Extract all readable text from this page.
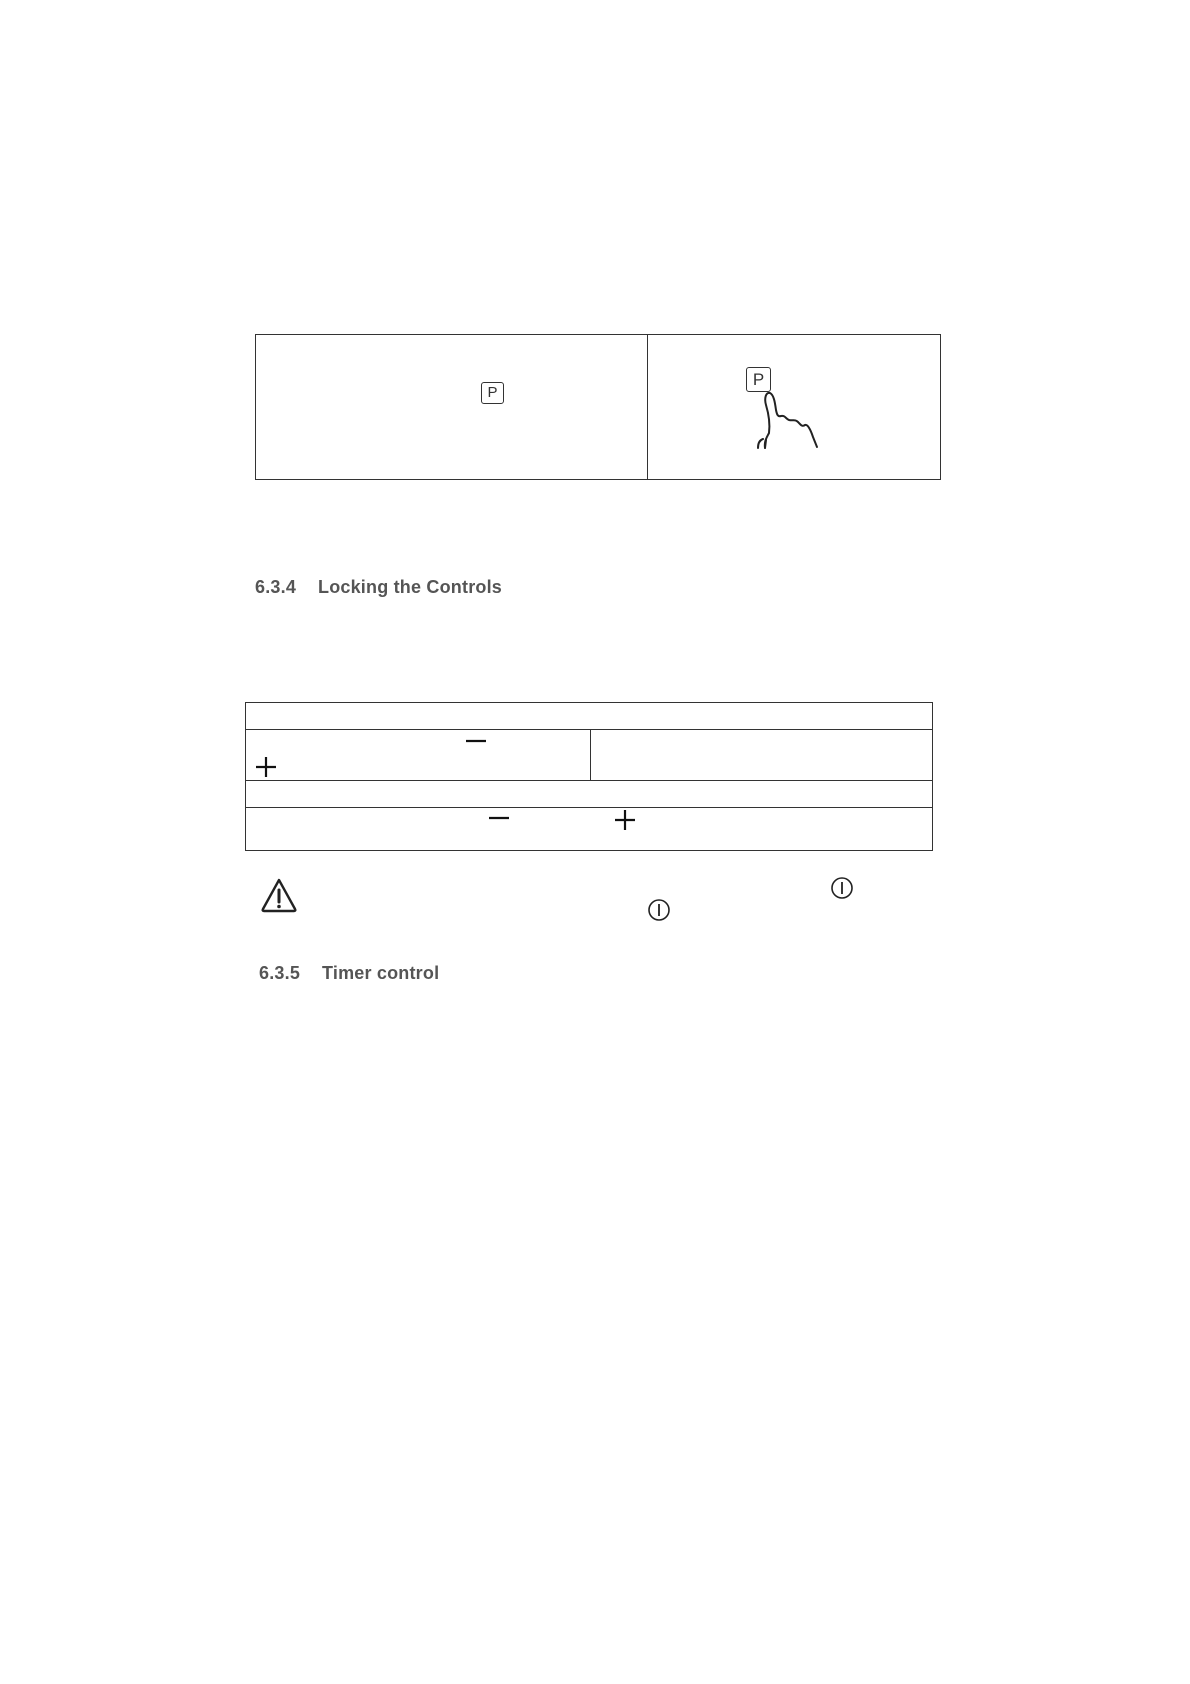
P
P
6.3.4 Locking the Controls
6.3.5 Timer control
